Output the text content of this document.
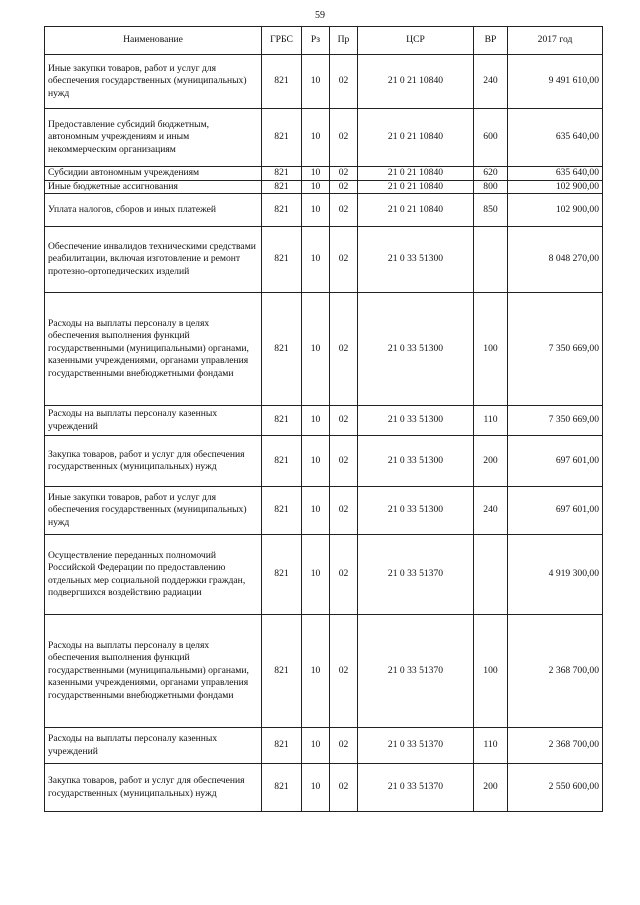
59
Наименование	ГРБС	Рз	Пр	ЦСР	ВР	2017 год
Иные закупки товаров, работ и услуг для обеспечения государственных (муниципальных) нужд	821	10	02	21 0 21 10840	240	9 491 610,00
Предоставление субсидий бюджетным, автономным учреждениям и иным некоммерческим организациям	821	10	02	21 0 21 10840	600	635 640,00
Субсидии автономным учреждениям	821	10	02	21 0 21 10840	620	635 640,00
Иные бюджетные ассигнования	821	10	02	21 0 21 10840	800	102 900,00
Уплата налогов, сборов и иных платежей	821	10	02	21 0 21 10840	850	102 900,00
Обеспечение инвалидов техническими средствами реабилитации, включая изготовление и ремонт протезно-ортопедических изделий	821	10	02	21 0 33 51300		8 048 270,00
Расходы на выплаты персоналу в целях обеспечения выполнения функций государственными (муниципальными) органами, казенными учреждениями, органами управления государственными внебюджетными фондами	821	10	02	21 0 33 51300	100	7 350 669,00
Расходы на выплаты персоналу казенных учреждений	821	10	02	21 0 33 51300	110	7 350 669,00
Закупка товаров, работ и услуг для обеспечения государственных (муниципальных) нужд	821	10	02	21 0 33 51300	200	697 601,00
Иные закупки товаров, работ и услуг для обеспечения государственных (муниципальных) нужд	821	10	02	21 0 33 51300	240	697 601,00
Осуществление переданных полномочий Российской Федерации по предоставлению отдельных мер социальной поддержки граждан, подвергшихся воздействию радиации	821	10	02	21 0 33 51370		4 919 300,00
Расходы на выплаты персоналу в целях обеспечения выполнения функций государственными (муниципальными) органами, казенными учреждениями, органами управления государственными внебюджетными фондами	821	10	02	21 0 33 51370	100	2 368 700,00
Расходы на выплаты персоналу казенных учреждений	821	10	02	21 0 33 51370	110	2 368 700,00
Закупка товаров, работ и услуг для обеспечения государственных (муниципальных) нужд	821	10	02	21 0 33 51370	200	2 550 600,00
